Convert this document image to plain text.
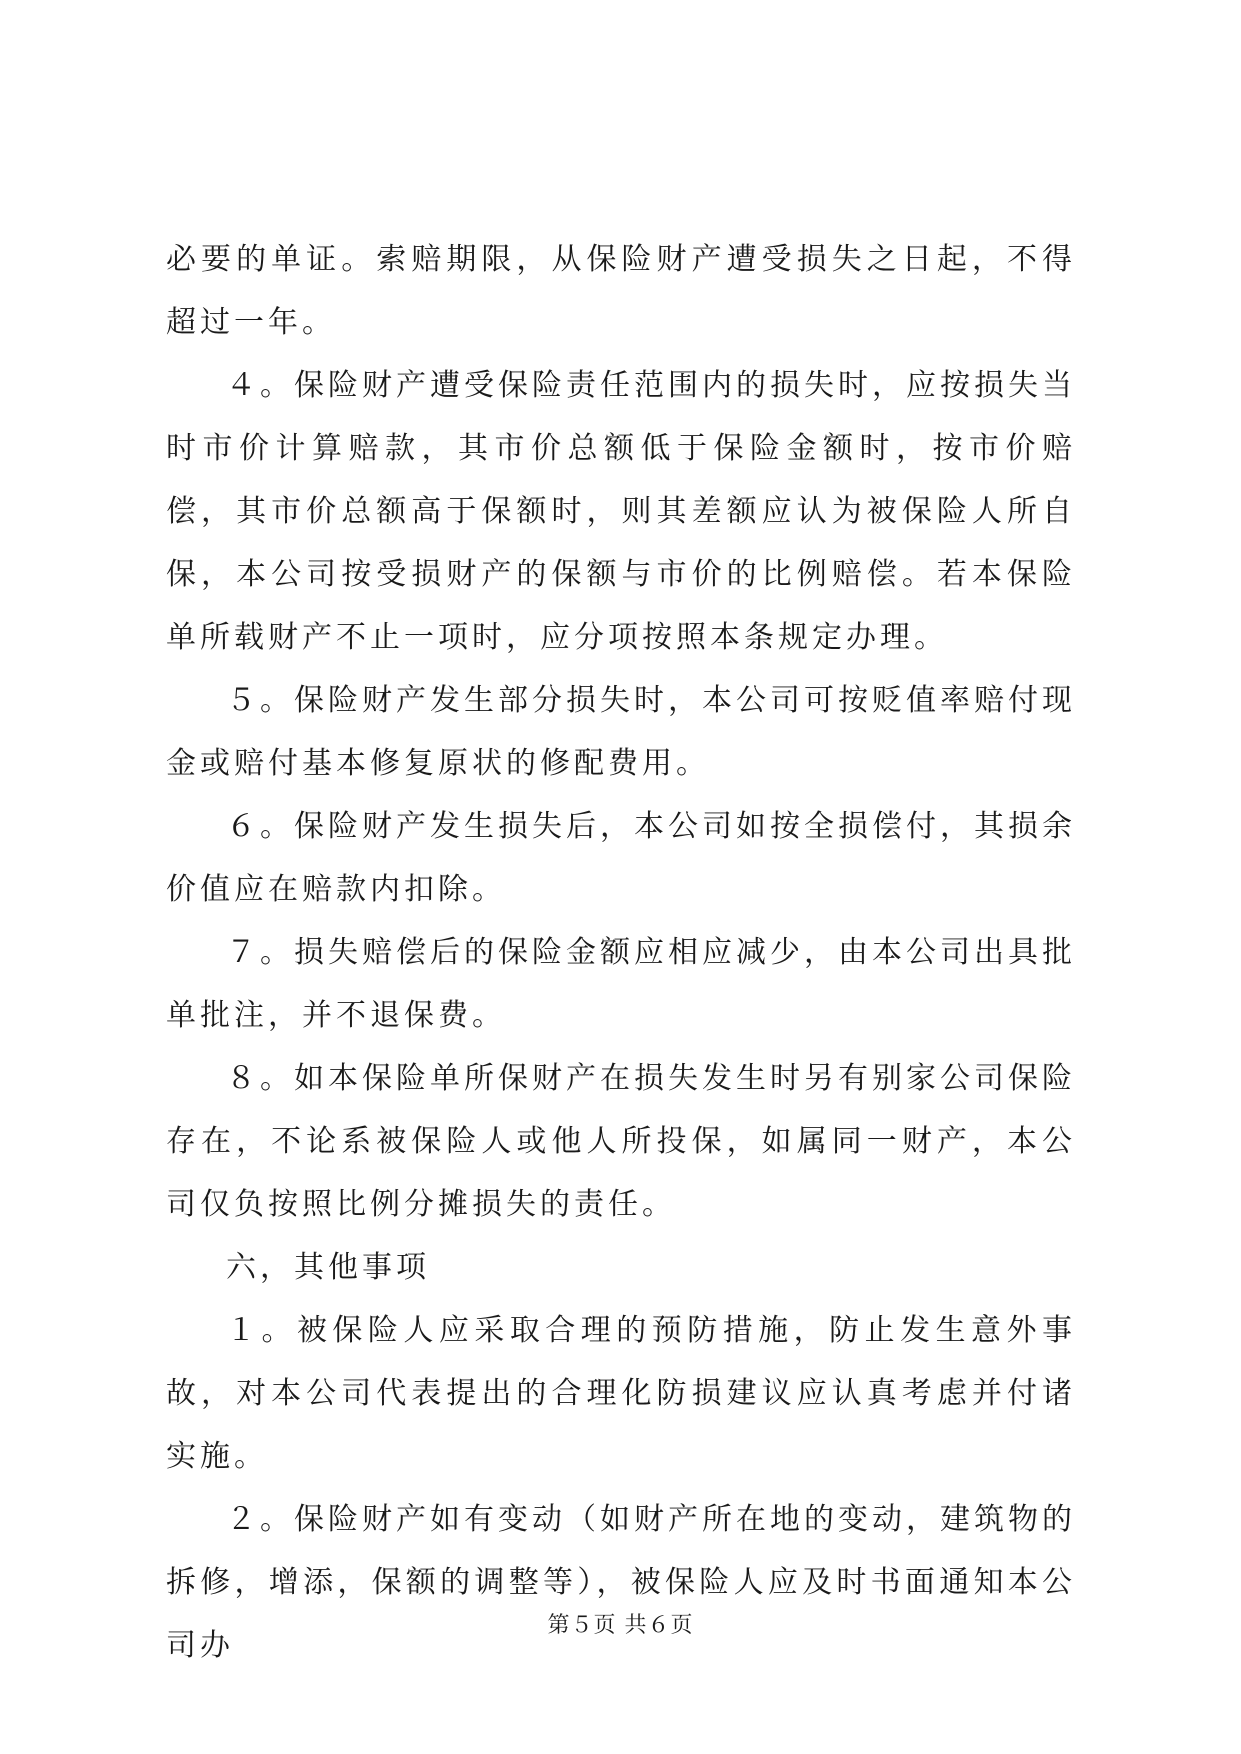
必要的单证。索赔期限，从保险财产遭受损失之日起，不得超过一年。

４。保险财产遭受保险责任范围内的损失时，应按损失当时市价计算赔款，其市价总额低于保险金额时，按市价赔偿，其市价总额高于保额时，则其差额应认为被保险人所自保，本公司按受损财产的保额与市价的比例赔偿。若本保险单所载财产不止一项时，应分项按照本条规定办理。

５。保险财产发生部分损失时，本公司可按贬值率赔付现金或赔付基本修复原状的修配费用。

６。保险财产发生损失后，本公司如按全损偿付，其损余价值应在赔款内扣除。

７。损失赔偿后的保险金额应相应减少，由本公司出具批单批注，并不退保费。

８。如本保险单所保财产在损失发生时另有别家公司保险存在，不论系被保险人或他人所投保，如属同一财产，本公司仅负按照比例分摊损失的责任。

六，其他事项

１。被保险人应采取合理的预防措施，防止发生意外事故，对本公司代表提出的合理化防损建议应认真考虑并付诸实施。

２。保险财产如有变动（如财产所在地的变动，建筑物的拆修，增添，保额的调整等），被保险人应及时书面通知本公司办

第５页 共６页
